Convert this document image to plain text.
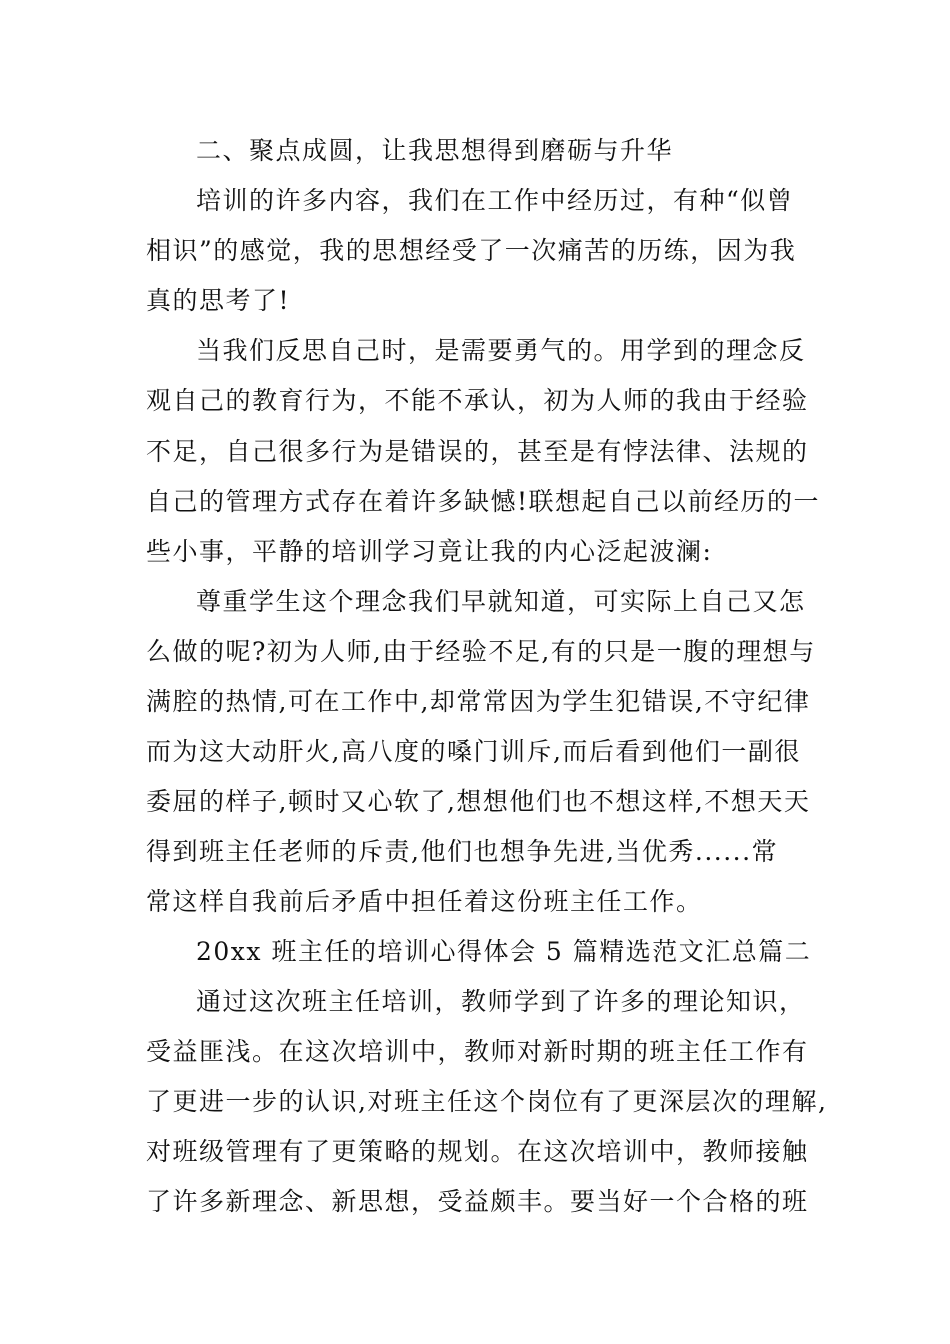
二、聚点成圆，让我思想得到磨砺与升华
培训的许多内容，我们在工作中经历过，有种“似曾
相识”的感觉，我的思想经受了一次痛苦的历练，因为我
真的思考了!
当我们反思自己时，是需要勇气的。用学到的理念反
观自己的教育行为，不能不承认，初为人师的我由于经验
不足，自己很多行为是错误的，甚至是有悖法律、法规的
自己的管理方式存在着许多缺憾!联想起自己以前经历的一
些小事，平静的培训学习竟让我的内心泛起波澜:
尊重学生这个理念我们早就知道，可实际上自己又怎
么做的呢?初为人师,由于经验不足,有的只是一腹的理想与
满腔的热情,可在工作中,却常常因为学生犯错误,不守纪律
而为这大动肝火,高八度的嗓门训斥,而后看到他们一副很
委屈的样子,顿时又心软了,想想他们也不想这样,不想天天
得到班主任老师的斥责,他们也想争先进,当优秀......常
常这样自我前后矛盾中担任着这份班主任工作。
20xx 班主任的培训心得体会 5 篇精选范文汇总篇二
通过这次班主任培训，教师学到了许多的理论知识，
受益匪浅。在这次培训中，教师对新时期的班主任工作有
了更进一步的认识,对班主任这个岗位有了更深层次的理解,
对班级管理有了更策略的规划。在这次培训中，教师接触
了许多新理念、新思想，受益颇丰。要当好一个合格的班
